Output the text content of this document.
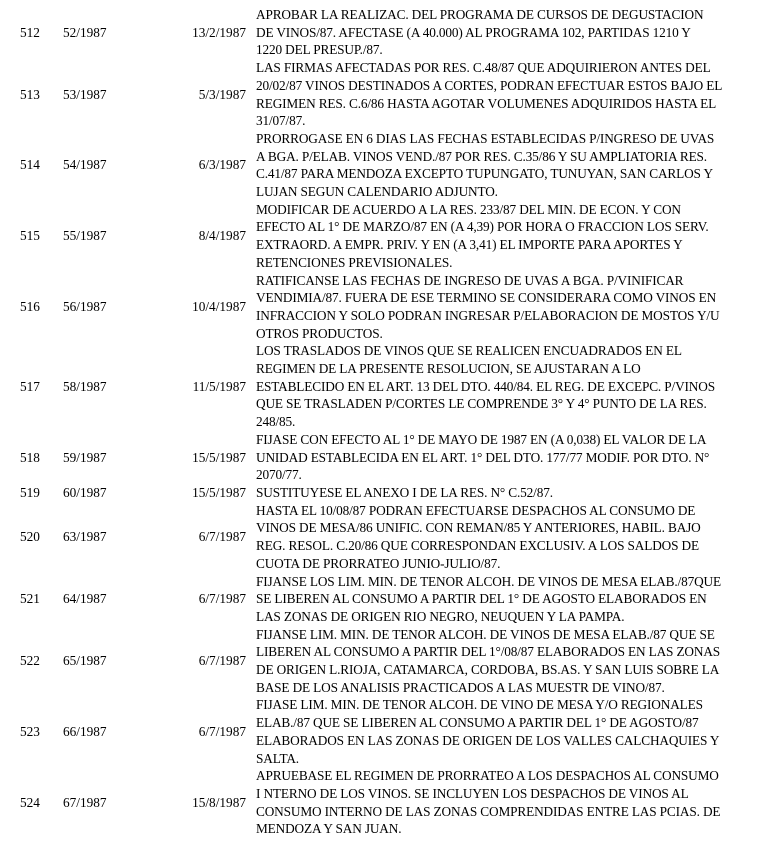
512 52/1987	13/2/1987
APROBAR LA REALIZAC. DEL PROGRAMA DE CURSOS DE DEGUSTACION
DE VINOS/87. AFECTASE (A 40.000) AL PROGRAMA 102, PARTIDAS 1210 Y
1220 DEL PRESUP./87.
513 53/1987	5/3/1987
LAS FIRMAS AFECTADAS POR RES. C.48/87 QUE ADQUIRIERON ANTES DEL
20/02/87 VINOS DESTINADOS A CORTES, PODRAN EFECTUAR ESTOS BAJO EL
REGIMEN RES. C.6/86 HASTA AGOTAR VOLUMENES ADQUIRIDOS HASTA EL
31/07/87.
514 54/1987	6/3/1987
PRORROGASE EN 6 DIAS LAS FECHAS ESTABLECIDAS P/INGRESO DE UVAS
A BGA. P/ELAB. VINOS VEND./87 POR RES. C.35/86 Y SU AMPLIATORIA RES.
C.41/87 PARA MENDOZA EXCEPTO TUPUNGATO, TUNUYAN, SAN CARLOS Y
LUJAN SEGUN CALENDARIO ADJUNTO.
515 55/1987	8/4/1987
MODIFICAR DE ACUERDO A LA RES. 233/87 DEL MIN. DE ECON. Y CON
EFECTO AL 1° DE MARZO/87 EN (A 4,39) POR HORA O FRACCION LOS SERV.
EXTRAORD. A EMPR. PRIV. Y EN (A 3,41) EL IMPORTE PARA APORTES Y
RETENCIONES PREVISIONALES.
516 56/1987	10/4/1987
RATIFICANSE LAS FECHAS DE INGRESO DE UVAS A BGA. P/VINIFICAR
VENDIMIA/87. FUERA DE ESE TERMINO SE CONSIDERARA COMO VINOS EN
INFRACCION Y SOLO PODRAN INGRESAR P/ELABORACION DE MOSTOS Y/U
OTROS PRODUCTOS.
517 58/1987	11/5/1987
LOS TRASLADOS DE VINOS QUE SE REALICEN ENCUADRADOS EN EL
REGIMEN DE LA PRESENTE RESOLUCION, SE AJUSTARAN A LO
ESTABLECIDO EN EL ART. 13 DEL DTO. 440/84. EL REG. DE EXCEPC. P/VINOS
QUE SE TRASLADEN P/CORTES LE COMPRENDE 3° Y 4° PUNTO DE LA RES.
248/85.
518 59/1987	15/5/1987
FIJASE CON EFECTO AL 1° DE MAYO DE 1987 EN (A 0,038) EL VALOR DE LA
UNIDAD ESTABLECIDA EN EL ART. 1° DEL DTO. 177/77 MODIF. POR DTO. N°
2070/77.
519 60/1987	15/5/1987 SUSTITUYESE EL ANEXO I DE LA RES. N° C.52/87.
520 63/1987	6/7/1987
HASTA EL 10/08/87 PODRAN EFECTUARSE DESPACHOS AL CONSUMO DE
VINOS DE MESA/86 UNIFIC. CON REMAN/85 Y ANTERIORES, HABIL. BAJO
REG. RESOL. C.20/86 QUE CORRESPONDAN EXCLUSIV. A LOS SALDOS DE
CUOTA DE PRORRATEO JUNIO-JULIO/87.
521 64/1987	6/7/1987
FIJANSE LOS LIM. MIN. DE TENOR ALCOH. DE VINOS DE MESA ELAB./87QUE
SE LIBEREN AL CONSUMO A PARTIR DEL 1° DE AGOSTO ELABORADOS EN
LAS ZONAS DE ORIGEN RIO NEGRO, NEUQUEN Y LA PAMPA.
522 65/1987	6/7/1987
FIJANSE LIM. MIN. DE TENOR ALCOH. DE VINOS DE MESA ELAB./87 QUE SE
LIBEREN AL CONSUMO A PARTIR DEL 1°/08/87 ELABORADOS EN LAS ZONAS
DE ORIGEN L.RIOJA, CATAMARCA, CORDOBA, BS.AS. Y SAN LUIS SOBRE LA
BASE DE LOS ANALISIS PRACTICADOS A LAS MUESTR DE VINO/87.
523 66/1987	6/7/1987
FIJASE LIM. MIN. DE TENOR ALCOH. DE VINO DE MESA Y/O REGIONALES
ELAB./87 QUE SE LIBEREN AL CONSUMO A PARTIR DEL 1° DE AGOSTO/87
ELABORADOS EN LAS ZONAS DE ORIGEN DE LOS VALLES CALCHAQUIES Y
SALTA.
524 67/1987	15/8/1987
APRUEBASE EL REGIMEN DE PRORRATEO A LOS DESPACHOS AL CONSUMO
I NTERNO DE LOS VINOS. SE INCLUYEN LOS DESPACHOS DE VINOS AL
CONSUMO INTERNO DE LAS ZONAS COMPRENDIDAS ENTRE LAS PCIAS. DE
MENDOZA Y SAN JUAN.
